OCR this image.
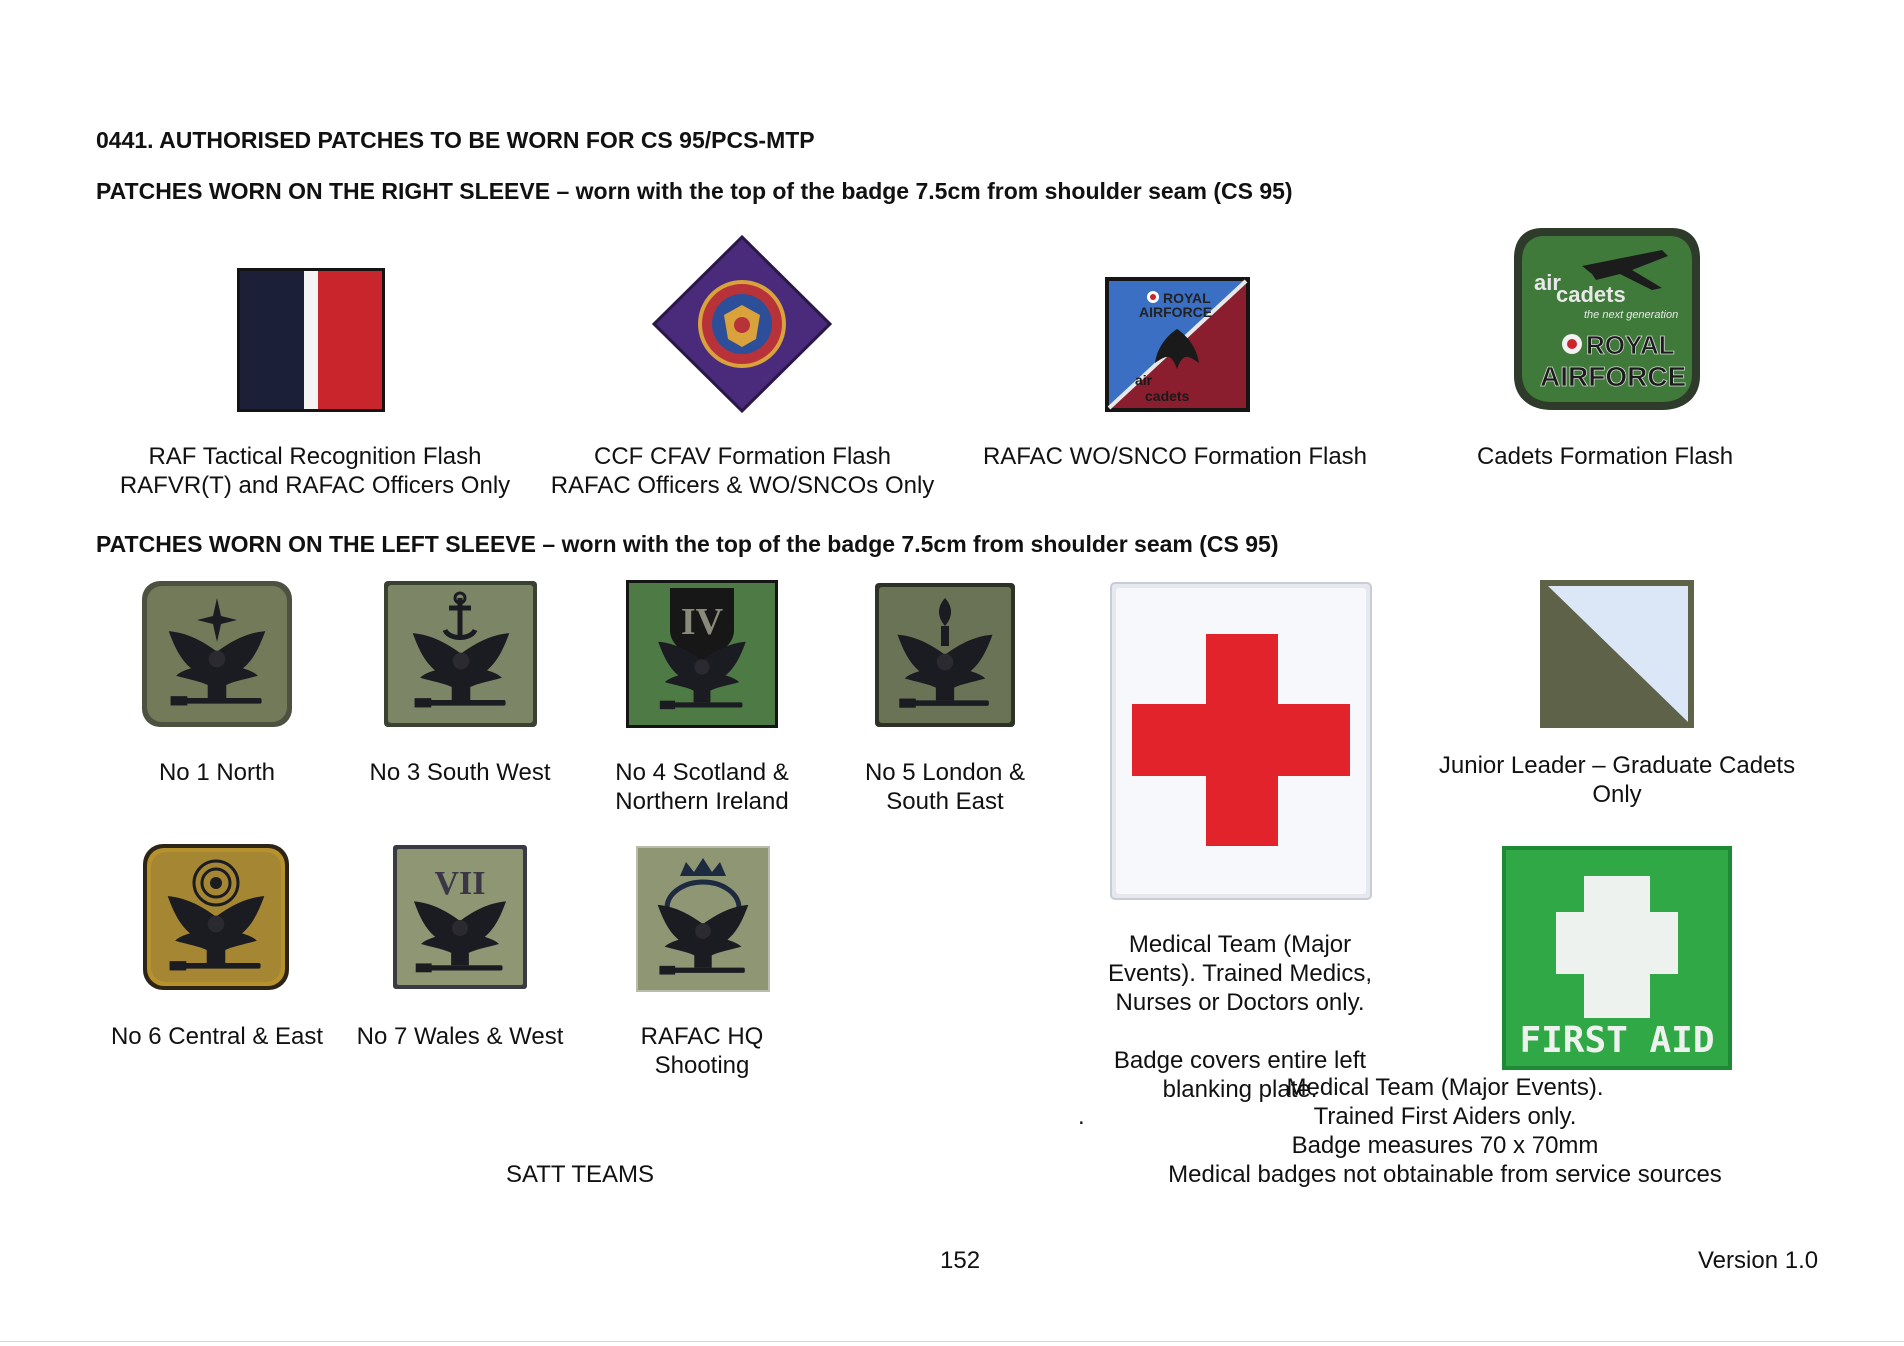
0441. AUTHORISED PATCHES TO BE WORN FOR CS 95/PCS-MTP
PATCHES WORN ON THE RIGHT SLEEVE – worn with the top of the badge 7.5cm from shoulder seam (CS 95)
PATCHES WORN ON THE LEFT SLEEVE – worn with the top of the badge 7.5cm from shoulder seam (CS 95)
RAF Tactical Recognition Flash
RAFVR(T) and RAFAC Officers Only
CCF CFAV Formation Flash
RAFAC Officers & WO/SNCOs Only
ROYAL
AIRFORCE
air
cadets
RAFAC WO/SNCO Formation Flash
air
cadets
the next generation
ROYAL
AIRFORCE
Cadets Formation Flash
No 1 North	No 3 South West
IV
No 4 Scotland &
Northern Ireland
No 5 London &
South East
Medical Team (Major
Events). Trained Medics,
Nurses or Doctors only.

Badge covers entire left
blanking plate.
.
Junior Leader – Graduate Cadets
Only
No 6 Central & East
VII
No 7 Wales & West	RAFAC HQ
Shooting
FIRST AID
Medical Team (Major Events).
Trained First Aiders only.
Badge measures 70 x 70mm
Medical badges not obtainable from service sources
SATT TEAMS
152	Version 1.0
